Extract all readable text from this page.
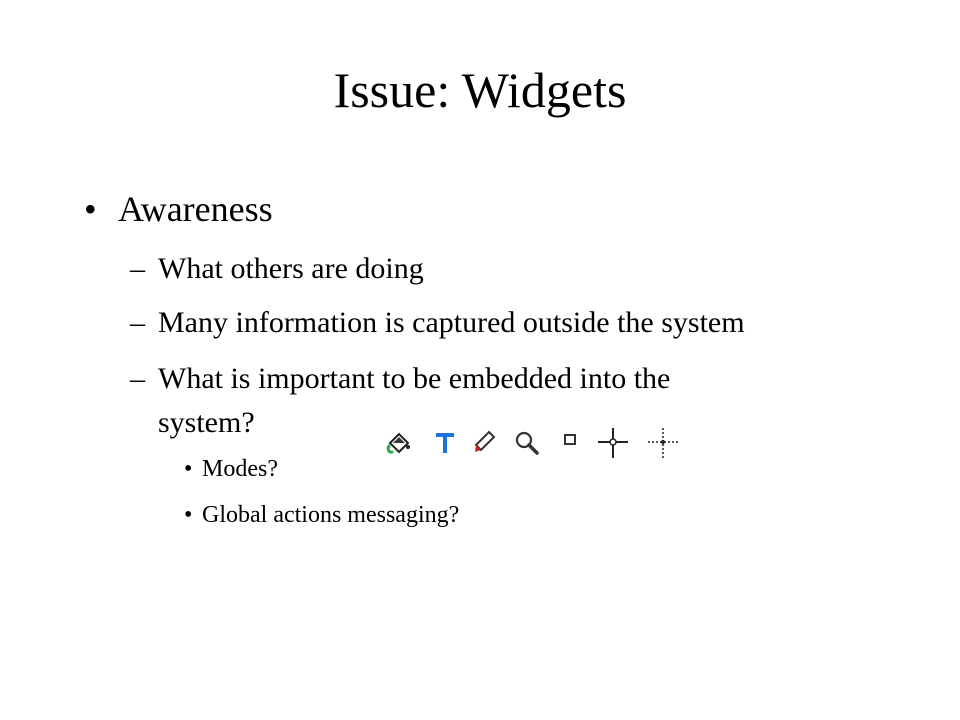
Issue: Widgets
• Awareness
– What others are doing
– Many information is captured outside the system
– What is important to be embedded into the
system?
• Modes?
• Global actions messaging?
